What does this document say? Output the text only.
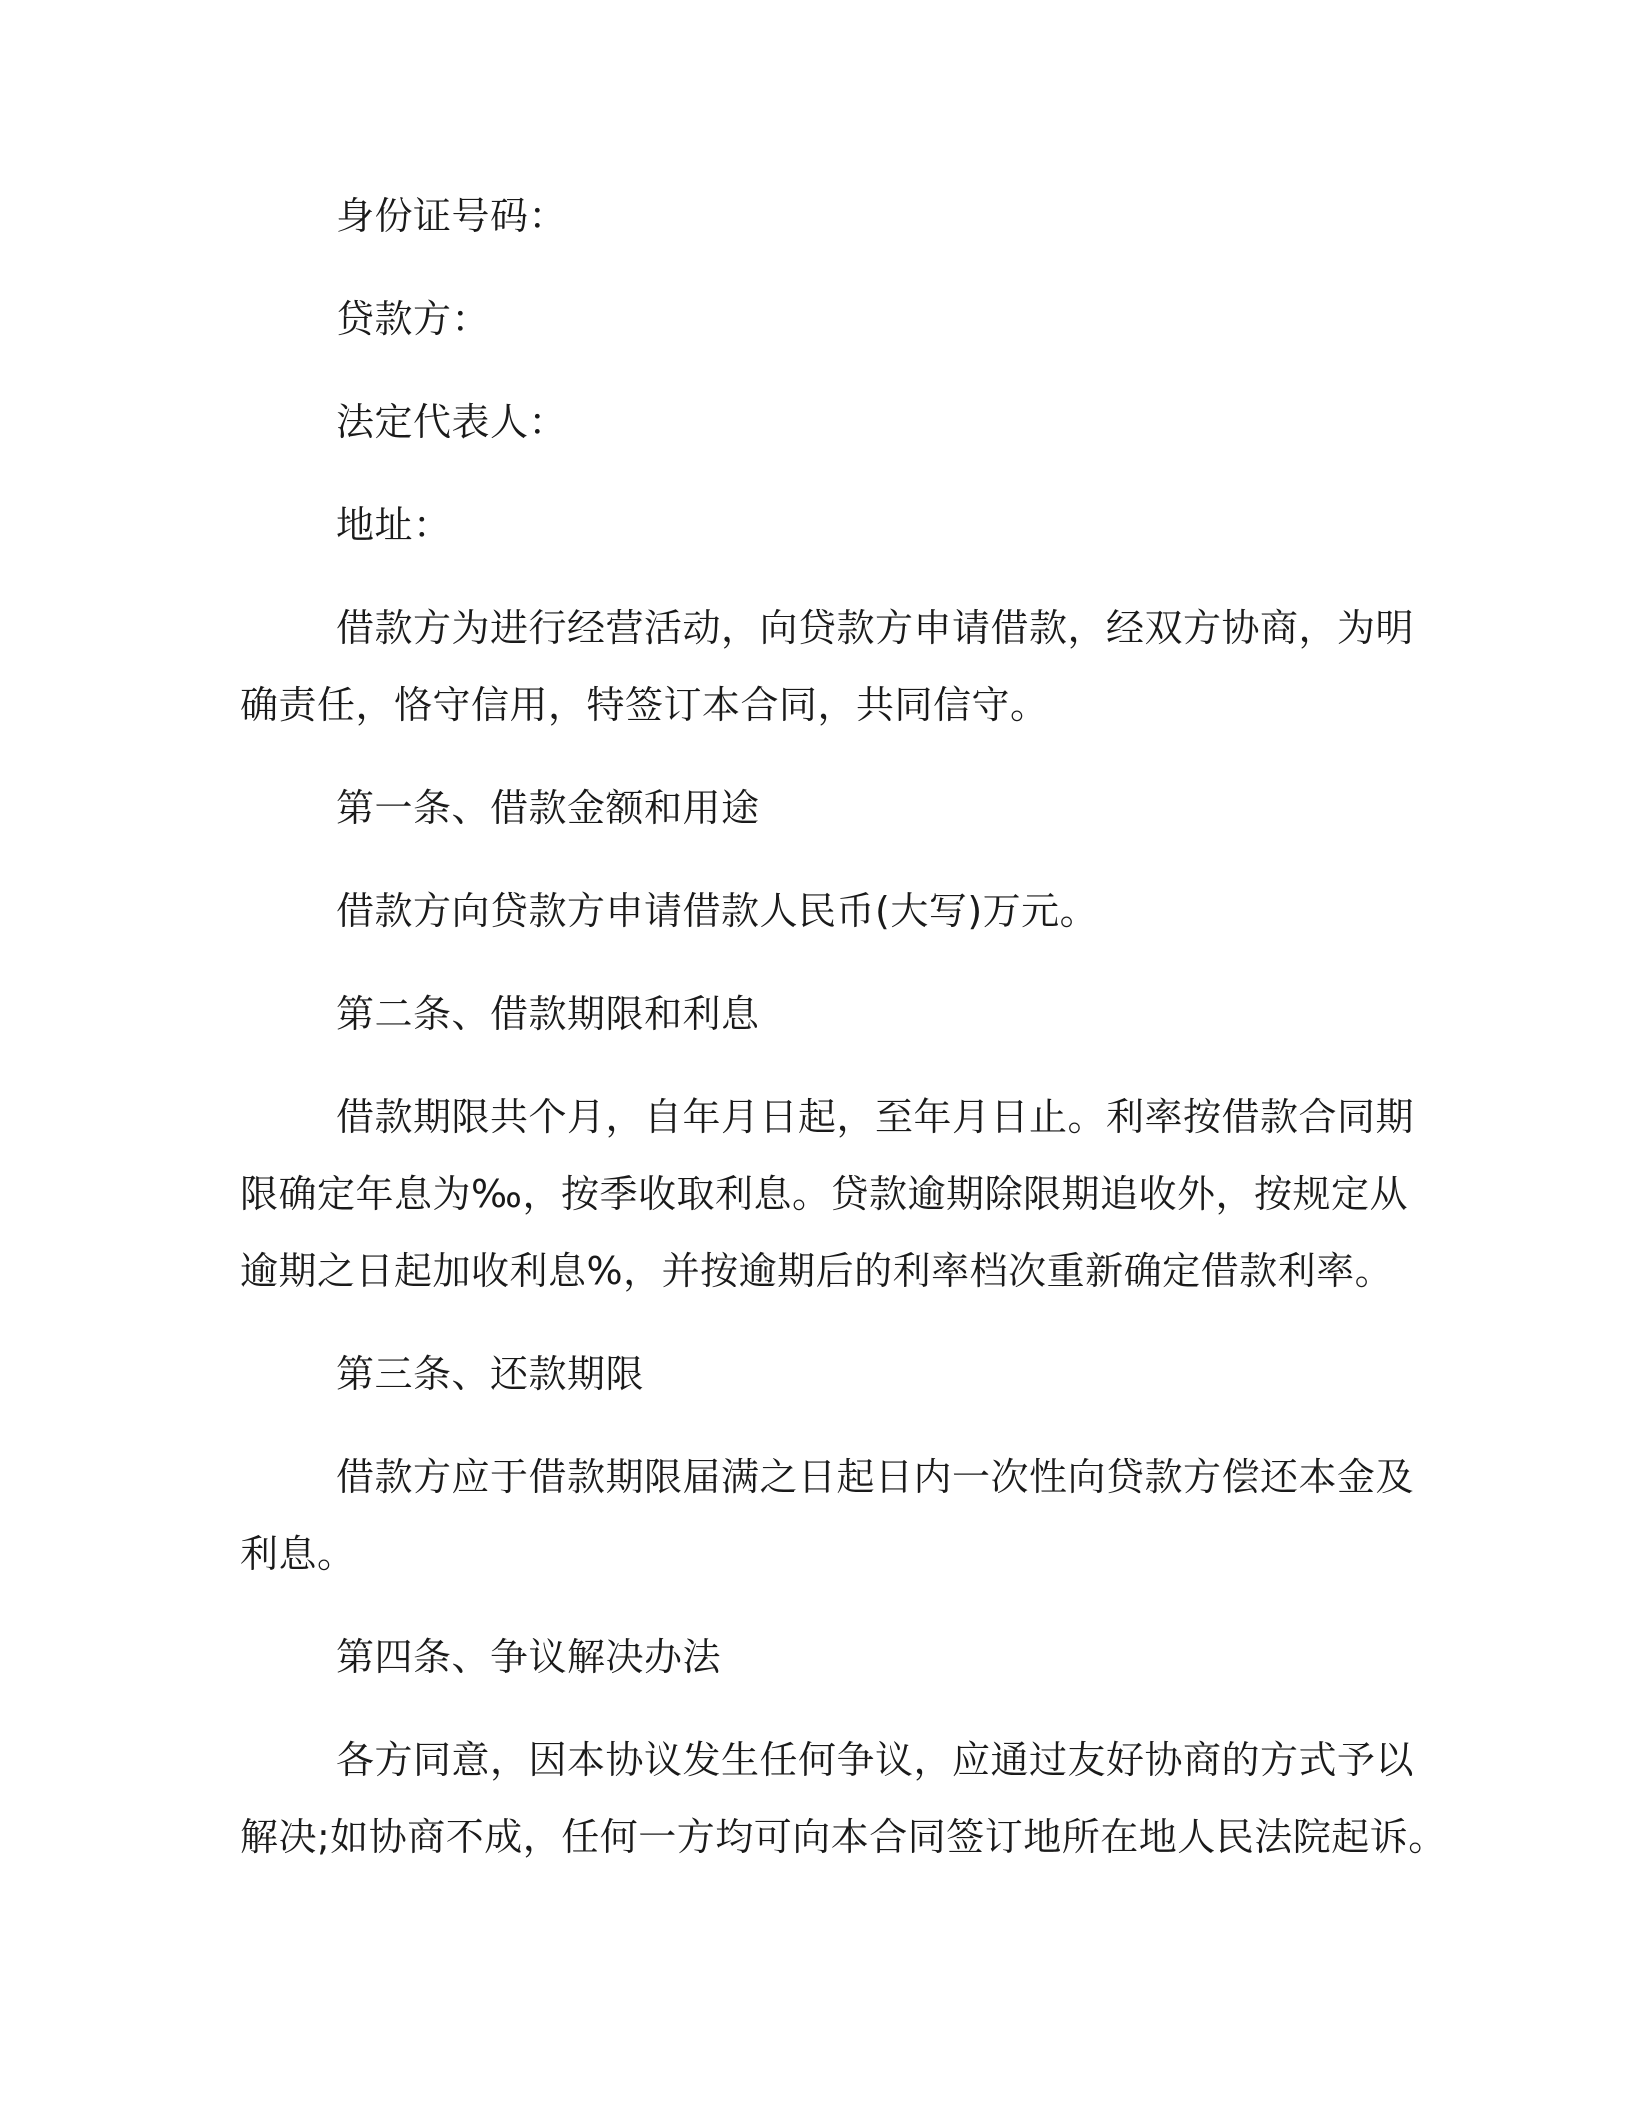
身份证号码：

贷款方：

法定代表人：

地址：

借款方为进行经营活动，向贷款方申请借款，经双方协商，为明

确责任，恪守信用，特签订本合同，共同信守。

第一条、借款金额和用途

借款方向贷款方申请借款人民币(大写)万元。

第二条、借款期限和利息

借款期限共个月，自年月日起，至年月日止。利率按借款合同期

限确定年息为‰，按季收取利息。贷款逾期除限期追收外，按规定从

逾期之日起加收利息%，并按逾期后的利率档次重新确定借款利率。

第三条、还款期限

借款方应于借款期限届满之日起日内一次性向贷款方偿还本金及

利息。

第四条、争议解决办法

各方同意，因本协议发生任何争议，应通过友好协商的方式予以

解决;如协商不成，任何一方均可向本合同签订地所在地人民法院起诉。
